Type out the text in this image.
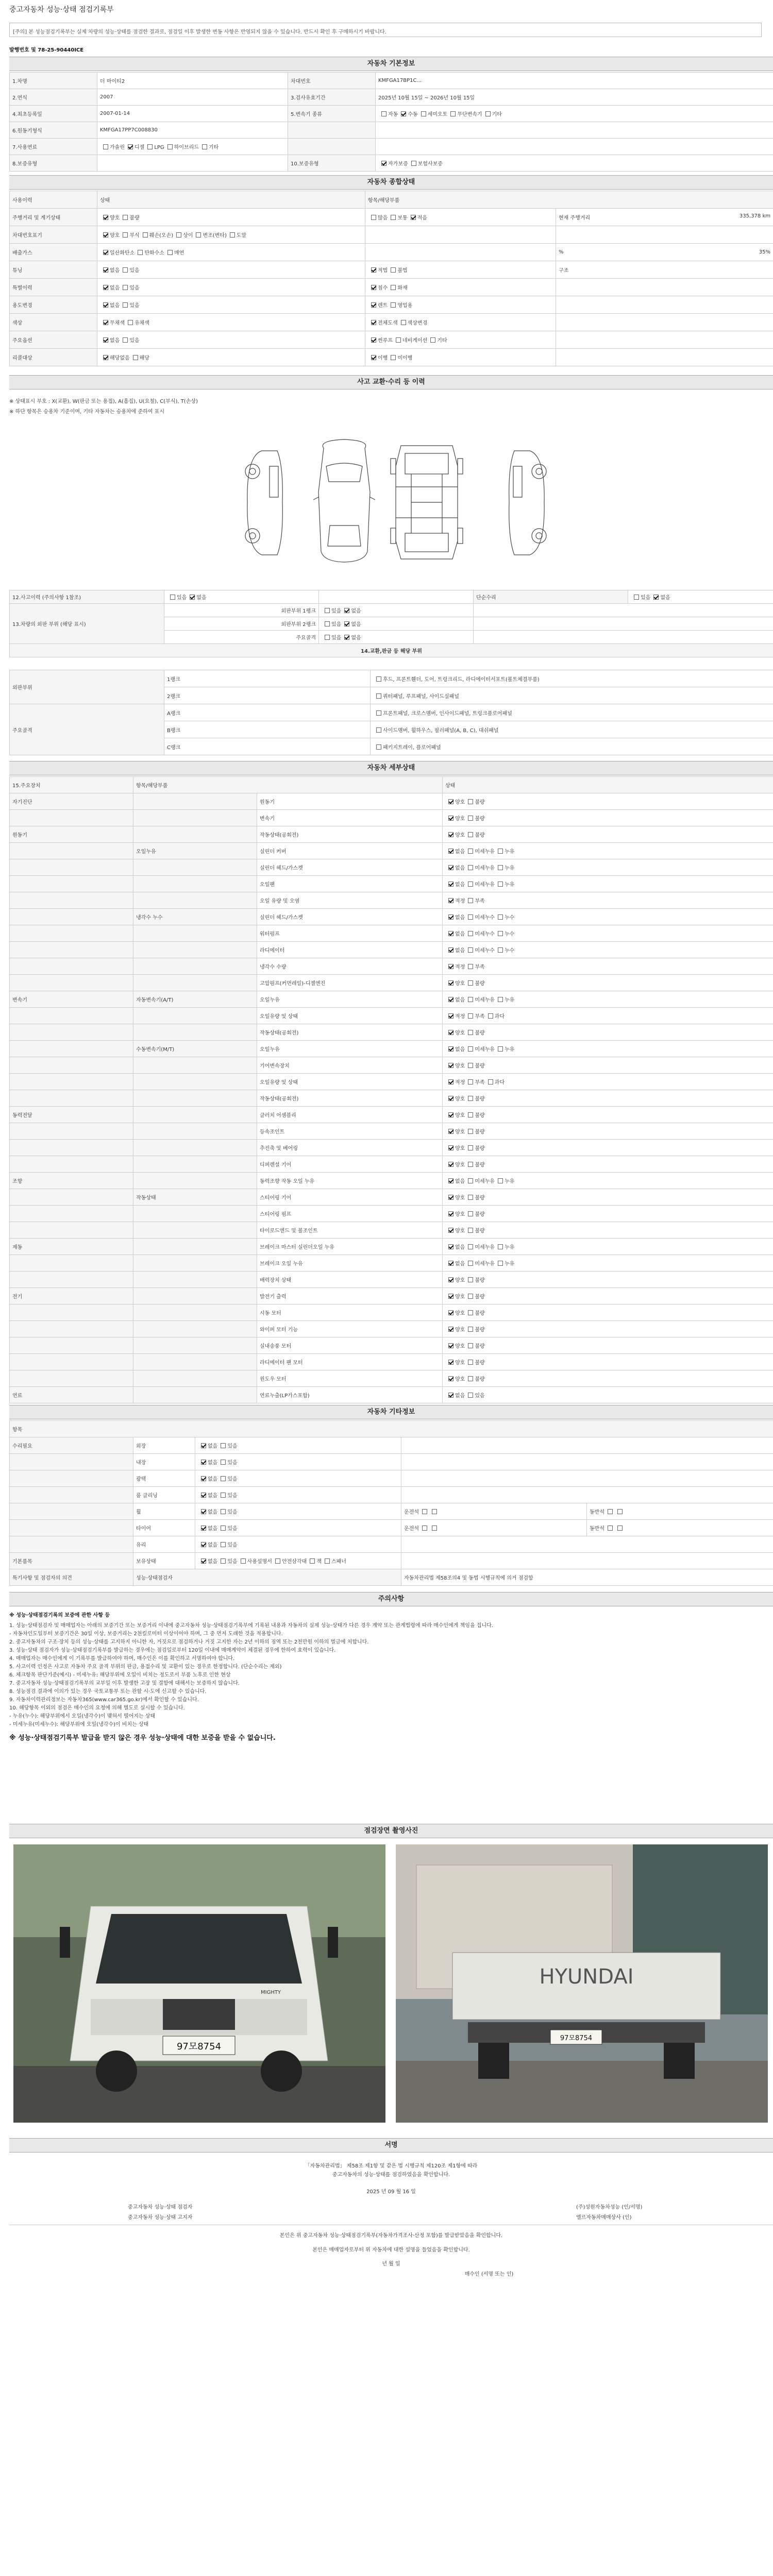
중고자동차 성능·상태 점검기록부
[주의] 본 성능점검기록부는 실제 차량의 성능·상태를 점검한 결과로, 점검일 이후 발생한 변동 사항은 반영되지 않을 수 있습니다. 반드시 확인 후 구매하시기 바랍니다.
발행번호 및 78-25-90440ICE
자동차 기본정보
1.차명	더 마이티2	차대번호	KMFGA17BP1C...
2.연식	2007	3.검사유효기간	2025년 10월 15일 ~ 2026년 10월 15일
4.최초등록일	2007-01-14	5.변속기 종류	자동 수동 세미오토 무단변속기 기타
6.원동기형식	KMFGA17PP7C008830		
7.사용연료	가솔린 디젤 LPG 하이브리드 기타		
8.보증유형		10.보증유형	자가보증 보험사보증
자동차 종합상태
사용이력	상태	항목/해당부품	
주행거리 및 계기상태	양호 불량	많음 보통 적음	현재 주행거리 335,378 km

차대번호표기	양호 부식 훼손(오손) 상이 변조(변타) 도말		
배출가스	일산화탄소 탄화수소 매연		% 35%

튜닝	없음 있음	적법 불법	구조
특별이력	없음 있음	침수 화재	
용도변경	없음 있음	렌트 영업용	
색상	무채색 유채색	전체도색 색상변경	
주요옵션	없음 있음	썬루프 네비게이션 기타	
리콜대상	해당없음 해당	이행 미이행	
사고 교환·수리 등 이력
※ 상태표시 부호 : X(교환), W(판금 또는 용접), A(흠집), U(요철), C(부식), T(손상)
※ 하단 항목은 승용차 기준이며, 기타 자동차는 승용차에 준하여 표시
12.사고이력 (주의사항 1참조)	있음 없음		단순수리	있음 없음
13.차량의 외판 부위 (해당 표시)	외판부위 1랭크	있음 없음		
	외판부위 2랭크	있음 없음		
	주요골격	있음 없음		
14.교환,판금 등 해당 부위				
외판부위	1랭크	후드, 프론트휀더, 도어, 트렁크리드, 라디에이터서포트(볼트체결부품)
	2랭크	쿼터패널, 루프패널, 사이드실패널
주요골격	A랭크	프론트패널, 크로스멤버, 인사이드패널, 트렁크플로어패널
	B랭크	사이드멤버, 휠하우스, 필러패널(A, B, C), 대쉬패널
	C랭크	패키지트레이, 플로어패널
자동차 세부상태
15.주요장치	항목/해당부품		상태
자기진단		원동기	양호 불량
		변속기	양호 불량
원동기		작동상태(공회전)	양호 불량
	오일누유	실린더 커버	없음 미세누유 누유
		실린더 헤드/가스켓	없음 미세누유 누유
		오일팬	없음 미세누유 누유
		오일 유량 및 오염	적정 부족
	냉각수 누수	실린더 헤드/가스켓	없음 미세누수 누수
		워터펌프	없음 미세누수 누수
		라디에이터	없음 미세누수 누수
		냉각수 수량	적정 부족
		고압펌프(커먼레일)-디젤엔진	양호 불량
변속기	자동변속기(A/T)	오일누유	없음 미세누유 누유
		오일유량 및 상태	적정 부족 과다
		작동상태(공회전)	양호 불량
	수동변속기(M/T)	오일누유	없음 미세누유 누유
		기어변속장치	양호 불량
		오일유량 및 상태	적정 부족 과다
		작동상태(공회전)	양호 불량
동력전달		클러치 어셈블리	양호 불량
		등속조인트	양호 불량
		추진축 및 베어링	양호 불량
		디퍼렌셜 기어	양호 불량
조향		동력조향 작동 오일 누유	없음 미세누유 누유
	작동상태	스티어링 기어	양호 불량
		스티어링 펌프	양호 불량
		타이로드엔드 및 볼조인트	양호 불량
제동		브레이크 마스터 실린더오일 누유	없음 미세누유 누유
		브레이크 오일 누유	없음 미세누유 누유
		배력장치 상태	양호 불량
전기		발전기 출력	양호 불량
		시동 모터	양호 불량
		와이퍼 모터 기능	양호 불량
		실내송풍 모터	양호 불량
		라디에이터 팬 모터	양호 불량
		윈도우 모터	양호 불량
연료		연료누출(LP가스포함)	없음 있음
자동차 기타정보
항목				
수리필요	외장	없음 있음		
	내장	없음 있음		
	광택	없음 있음		
	룸 클리닝	없음 있음		
	휠	없음 있음	운전석	동반석
	타이어	없음 있음	운전석	동반석
	유리	없음 있음		
기본품목	보유상태	없음 있음 사용설명서 안전삼각대 잭 스패너		
특기사항 및 점검자의 의견	성능·상태점검자		자동차관리법 제58조의4 및 동법 시행규칙에 의거 점검함	
주의사항
※ 성능·상태점검기록의 보증에 관한 사항 등
1. 성능·상태점검자 및 매매업자는 아래의 보증기간 또는 보증거리 이내에 중고자동차 성능·상태점검기록부에 기록된 내용과 자동차의 실제 성능·상태가 다른 경우 계약 또는 관계법령에 따라 매수인에게 책임을 집니다.
- 자동차인도일부터 보증기간은 30일 이상, 보증거리는 2천킬로미터 이상이어야 하며, 그 중 먼저 도래한 것을 적용합니다.
2. 중고자동차의 구조·장치 등의 성능·상태를 고지하지 아니한 자, 거짓으로 점검하거나 거짓 고지한 자는 2년 이하의 징역 또는 2천만원 이하의 벌금에 처합니다.
3. 성능·상태 점검자가 성능·상태점검기록부를 발급하는 경우에는 점검일로부터 120일 이내에 매매계약이 체결된 경우에 한하여 효력이 있습니다.
4. 매매업자는 매수인에게 이 기록부를 발급하여야 하며, 매수인은 이를 확인하고 서명하여야 합니다.
5. 사고이력 인정은 사고로 자동차 주요 골격 부위의 판금, 용접수리 및 교환이 있는 경우로 한정합니다. (단순수리는 제외)
6. 체크항목 판단기준(예시) - 미세누유: 해당부위에 오일이 비치는 정도로서 부품 노후로 인한 현상
7. 중고자동차 성능·상태점검기록부의 교부일 이후 발생한 고장 및 결함에 대해서는 보증하지 않습니다.
8. 성능점검 결과에 이의가 있는 경우 국토교통부 또는 관할 시·도에 신고할 수 있습니다.
9. 자동차이력관리정보는 자동차365(www.car365.go.kr)에서 확인할 수 있습니다.
10. 해당항목 이외의 점검은 매수인의 요청에 의해 별도로 실시할 수 있습니다.
- 누유(누수): 해당부위에서 오일(냉각수)이 맺혀서 떨어지는 상태
- 미세누유(미세누수): 해당부위에 오일(냉각수)이 비치는 상태
※ 성능·상태점검기록부 발급을 받지 않은 경우 성능·상태에 대한 보증을 받을 수 없습니다.
점검장면 촬영사진
97모8754
MIGHTY
HYUNDAI
97모8754
서명
「자동차관리법」 제58조 제1항 및 같은 법 시행규칙 제120조 제1항에 따라
중고자동차의 성능·상태를 점검하였음을 확인합니다.
2025 년 09 월 16 일
중고자동차 성능·상태 점검자	(주)성원자동차성능 (인/서명)
중고자동차 성능·상태 고지자	엘르자동차매매상사 (인)
본인은 위 중고자동차 성능·상태점검기록부(자동차가격조사·산정 포함)를 발급받았음을 확인합니다.
본인은 매매업자로부터 위 자동차에 대한 설명을 들었음을 확인합니다.
년 월 일
매수인 (서명 또는 인)
